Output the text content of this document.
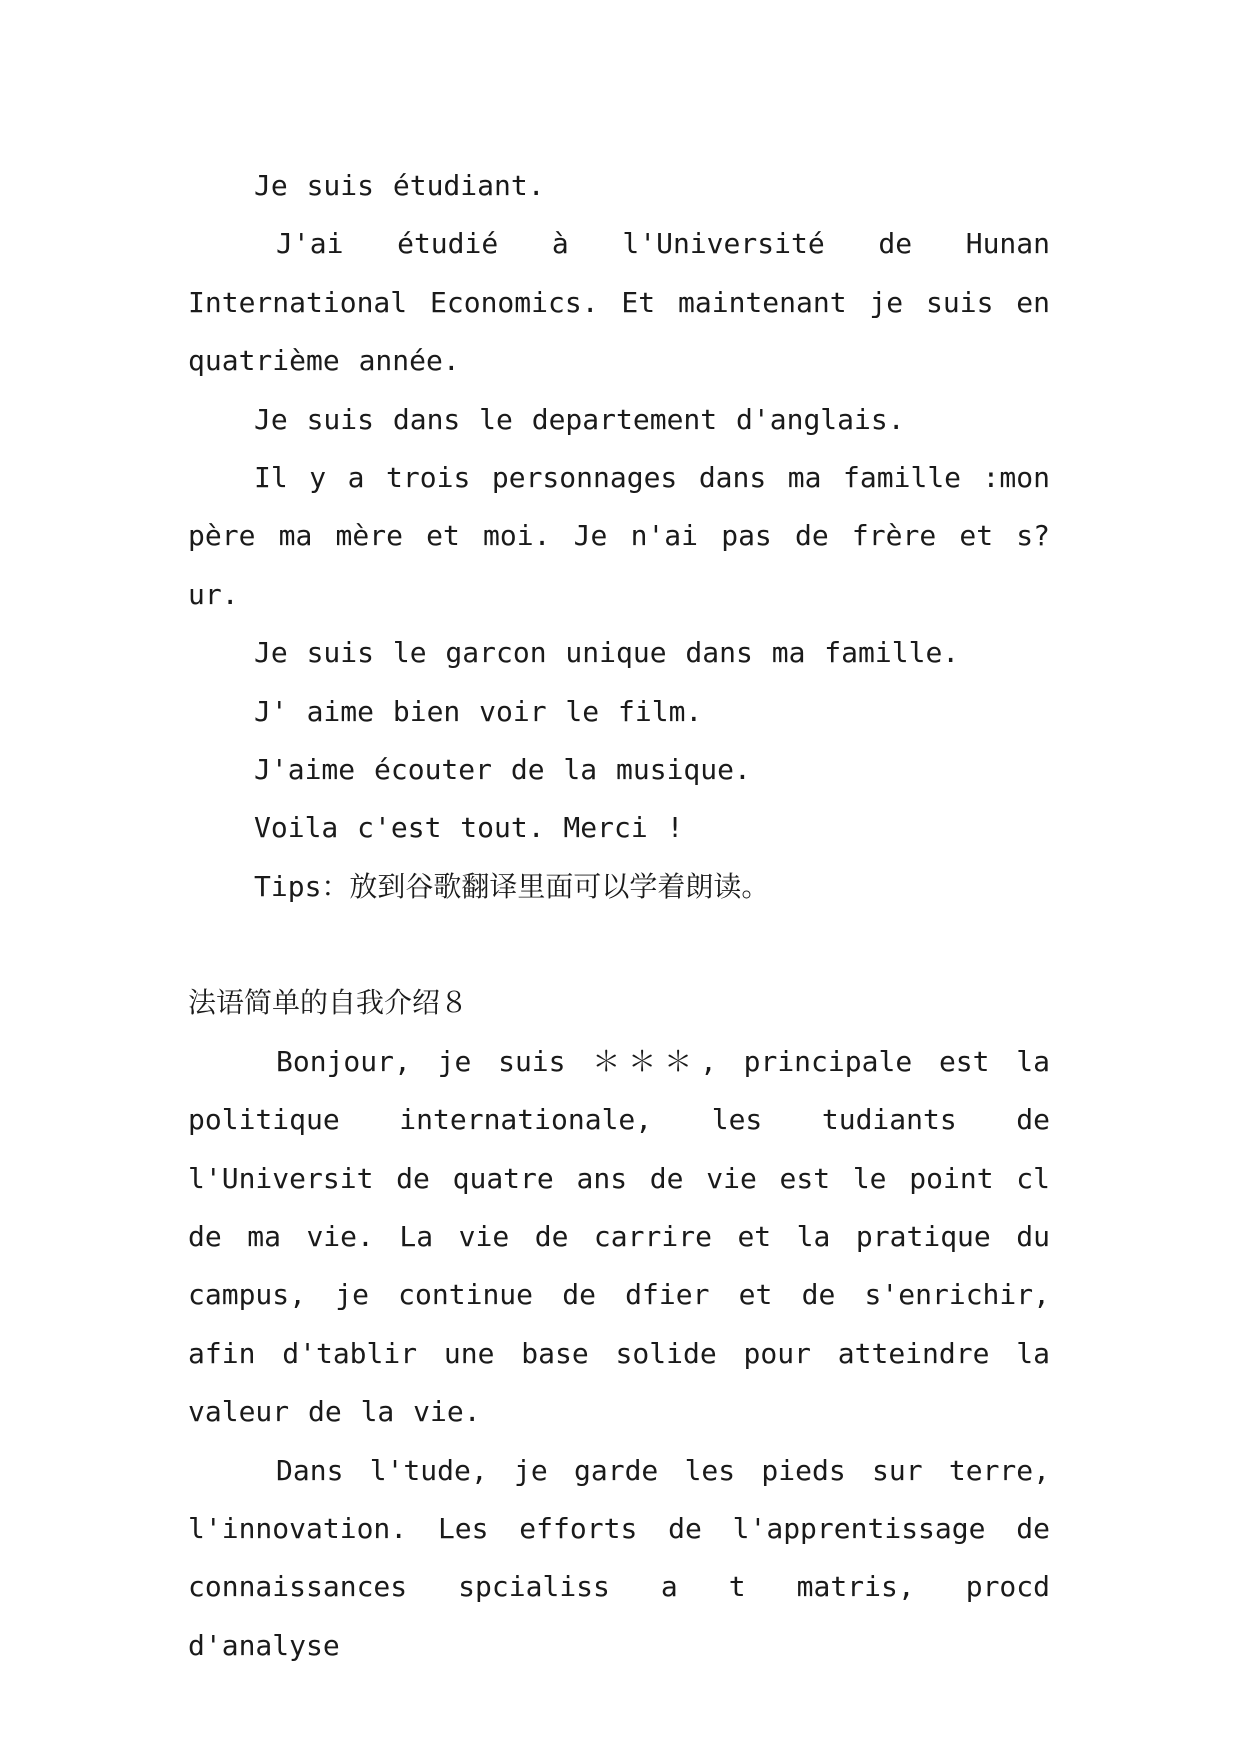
Je suis étudiant.

J'ai étudié à l'Université de Hunan International Economics. Et maintenant je suis en quatrième année.

Je suis dans le departement d'anglais.

Il y a trois personnages dans ma famille :mon père ma mère et moi. Je n'ai pas de frère et s?ur.

Je suis le garcon unique dans ma famille.

J' aime bien voir le film.

J'aime écouter de la musique.

Voila c'est tout. Merci !

Tips：放到谷歌翻译里面可以学着朗读。

法语简单的自我介绍８

Bonjour, je suis ＊＊＊, principale est la politique internationale, les tudiants de l'Universit de quatre ans de vie est le point cl de ma vie. La vie de carrire et la pratique du campus, je continue de dfier et de s'enrichir, afin d'tablir une base solide pour atteindre la valeur de la vie.

Dans l'tude, je garde les pieds sur terre, l'innovation. Les efforts de l'apprentissage de connaissances spcialiss a t matris, procd d'analyse
